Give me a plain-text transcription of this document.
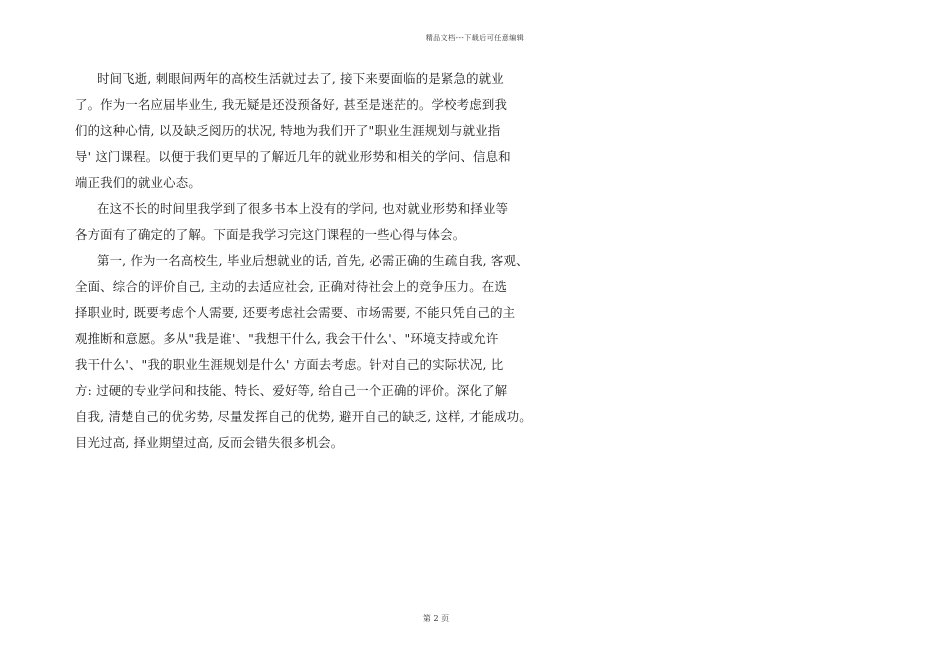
精品文档---下载后可任意编辑
时间飞逝, 刺眼间两年的高校生活就过去了, 接下来要面临的是紧急的就业
了。作为一名应届毕业生, 我无疑是还没预备好, 甚至是迷茫的。学校考虑到我
们的这种心情, 以及缺乏阅历的状况, 特地为我们开了"职业生涯规划与就业指
导' 这门课程。以便于我们更早的了解近几年的就业形势和相关的学问、信息和
端正我们的就业心态。
在这不长的时间里我学到了很多书本上没有的学问, 也对就业形势和择业等
各方面有了确定的了解。下面是我学习完这门课程的一些心得与体会。
第一, 作为一名高校生, 毕业后想就业的话, 首先, 必需正确的生疏自我, 客观、
全面、综合的评价自己, 主动的去适应社会, 正确对待社会上的竞争压力。在选
择职业时, 既要考虑个人需要, 还要考虑社会需要、市场需要, 不能只凭自己的主
观推断和意愿。多从"我是谁'、"我想干什么, 我会干什么'、"环境支持或允许
我干什么'、"我的职业生涯规划是什么' 方面去考虑。针对自己的实际状况, 比
方: 过硬的专业学问和技能、特长、爱好等, 给自己一个正确的评价。深化了解
自我, 清楚自己的优劣势, 尽量发挥自己的优势, 避开自己的缺乏, 这样, 才能成功。
目光过高, 择业期望过高, 反而会错失很多机会。
第 2 页
